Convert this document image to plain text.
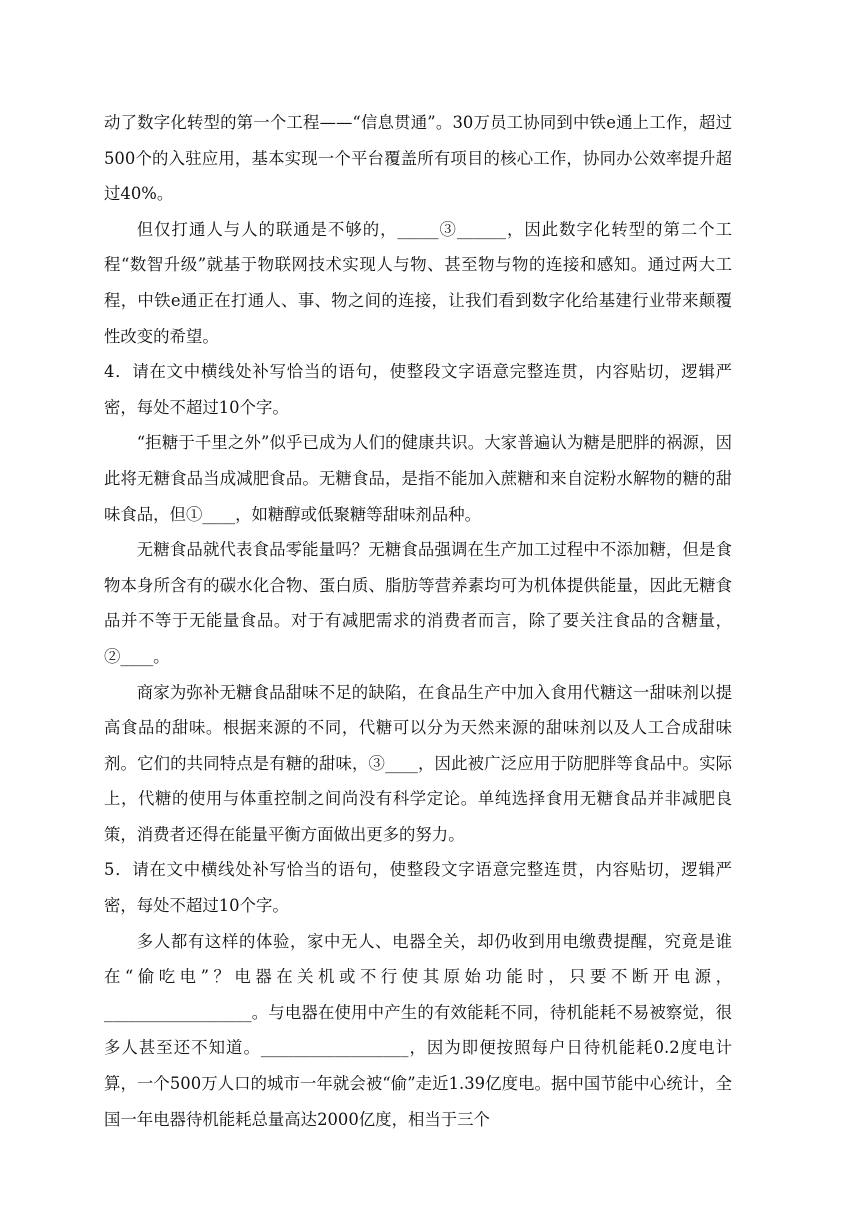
动了数字化转型的第一个工程——“信息贯通”。30万员工协同到中铁e通上工作，超过500个的入驻应用，基本实现一个平台覆盖所有项目的核心工作，协同办公效率提升超过40%。

但仅打通人与人的联通是不够的，_____③______，因此数字化转型的第二个工程“数智升级”就基于物联网技术实现人与物、甚至物与物的连接和感知。通过两大工程，中铁e通正在打通人、事、物之间的连接，让我们看到数字化给基建行业带来颠覆性改变的希望。

4．请在文中横线处补写恰当的语句，使整段文字语意完整连贯，内容贴切，逻辑严密，每处不超过10个字。

“拒糖于千里之外”似乎已成为人们的健康共识。大家普遍认为糖是肥胖的祸源，因此将无糖食品当成减肥食品。无糖食品，是指不能加入蔗糖和来自淀粉水解物的糖的甜味食品，但①____，如糖醇或低聚糖等甜味剂品种。

无糖食品就代表食品零能量吗？无糖食品强调在生产加工过程中不添加糖，但是食物本身所含有的碳水化合物、蛋白质、脂肪等营养素均可为机体提供能量，因此无糖食品并不等于无能量食品。对于有减肥需求的消费者而言，除了要关注食品的含糖量，②____。

商家为弥补无糖食品甜味不足的缺陷，在食品生产中加入食用代糖这一甜味剂以提高食品的甜味。根据来源的不同，代糖可以分为天然来源的甜味剂以及人工合成甜味剂。它们的共同特点是有糖的甜味，③____，因此被广泛应用于防肥胖等食品中。实际上，代糖的使用与体重控制之间尚没有科学定论。单纯选择食用无糖食品并非减肥良策，消费者还得在能量平衡方面做出更多的努力。

5．请在文中横线处补写恰当的语句，使整段文字语意完整连贯，内容贴切，逻辑严密，每处不超过10个字。

多人都有这样的体验，家中无人、电器全关，却仍收到用电缴费提醒，究竟是谁在“偷吃电”？电器在关机或不行使其原始功能时，只要不断开电源，__________________。与电器在使用中产生的有效能耗不同，待机能耗不易被察觉，很多人甚至还不知道。__________________，因为即便按照每户日待机能耗0.2度电计算，一个500万人口的城市一年就会被“偷”走近1.39亿度电。据中国节能中心统计，全国一年电器待机能耗总量高达2000亿度，相当于三个
